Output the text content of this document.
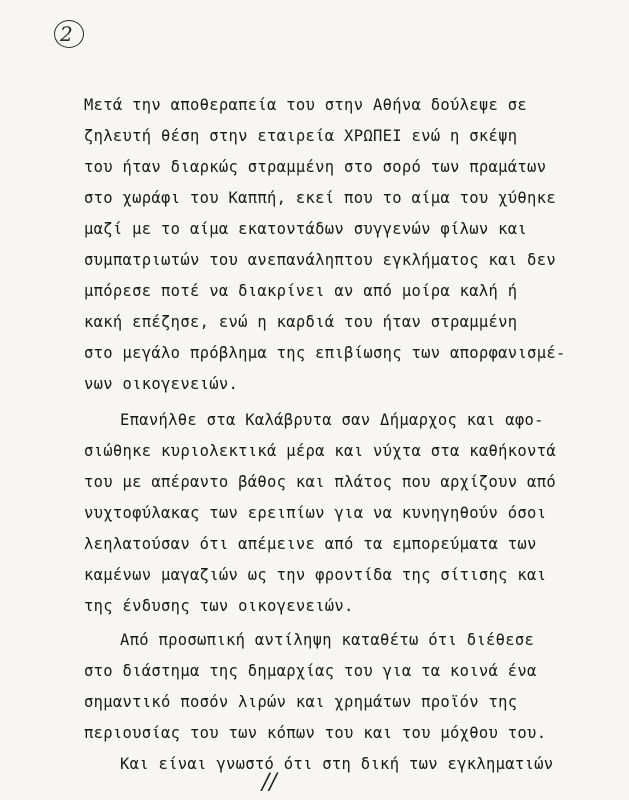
2
Μετά την αποθεραπεία του στην Αθήνα δούλεψε σε
ζηλευτή θέση στην εταιρεία ΧΡΩΠΕΙ ενώ η σκέψη
του ήταν διαρκώς στραμμένη στο σορό των πραμάτων
στο χωράφι του Καππή, εκεί που το αίμα του χύθηκε
μαζί με το αίμα εκατοντάδων συγγενών φίλων και
συμπατριωτών του ανεπανάληπτου εγκλήματος και δεν
μπόρεσε ποτέ να διακρίνει αν από μοίρα καλή ή
κακή επέζησε, ενώ η καρδιά του ήταν στραμμένη
στο μεγάλο πρόβλημα της επιβίωσης των απορφανισμέ-
νων οικογενειών.
Επανήλθε στα Καλάβρυτα σαν Δήμαρχος και αφο-
σιώθηκε κυριολεκτικά μέρα και νύχτα στα καθήκοντά
του με απέραντο βάθος και πλάτος που αρχίζουν από
νυχτοφύλακας των ερειπίων για να κυνηγηθούν όσοι
λεηλατούσαν ότι απέμεινε από τα εμπορεύματα των
καμένων μαγαζιών ως την φροντίδα της σίτισης και
της ένδυσης των οικογενειών.
Από προσωπική αντίληψη καταθέτω ότι διέθεσε
στο διάστημα της δημαρχίας του για τα κοινά ένα
σημαντικό ποσόν λιρών και χρημάτων προϊόν της
περιουσίας του των κόπων του και του μόχθου του.
Και είναι γνωστό ότι στη δική των εγκληματιών
//
